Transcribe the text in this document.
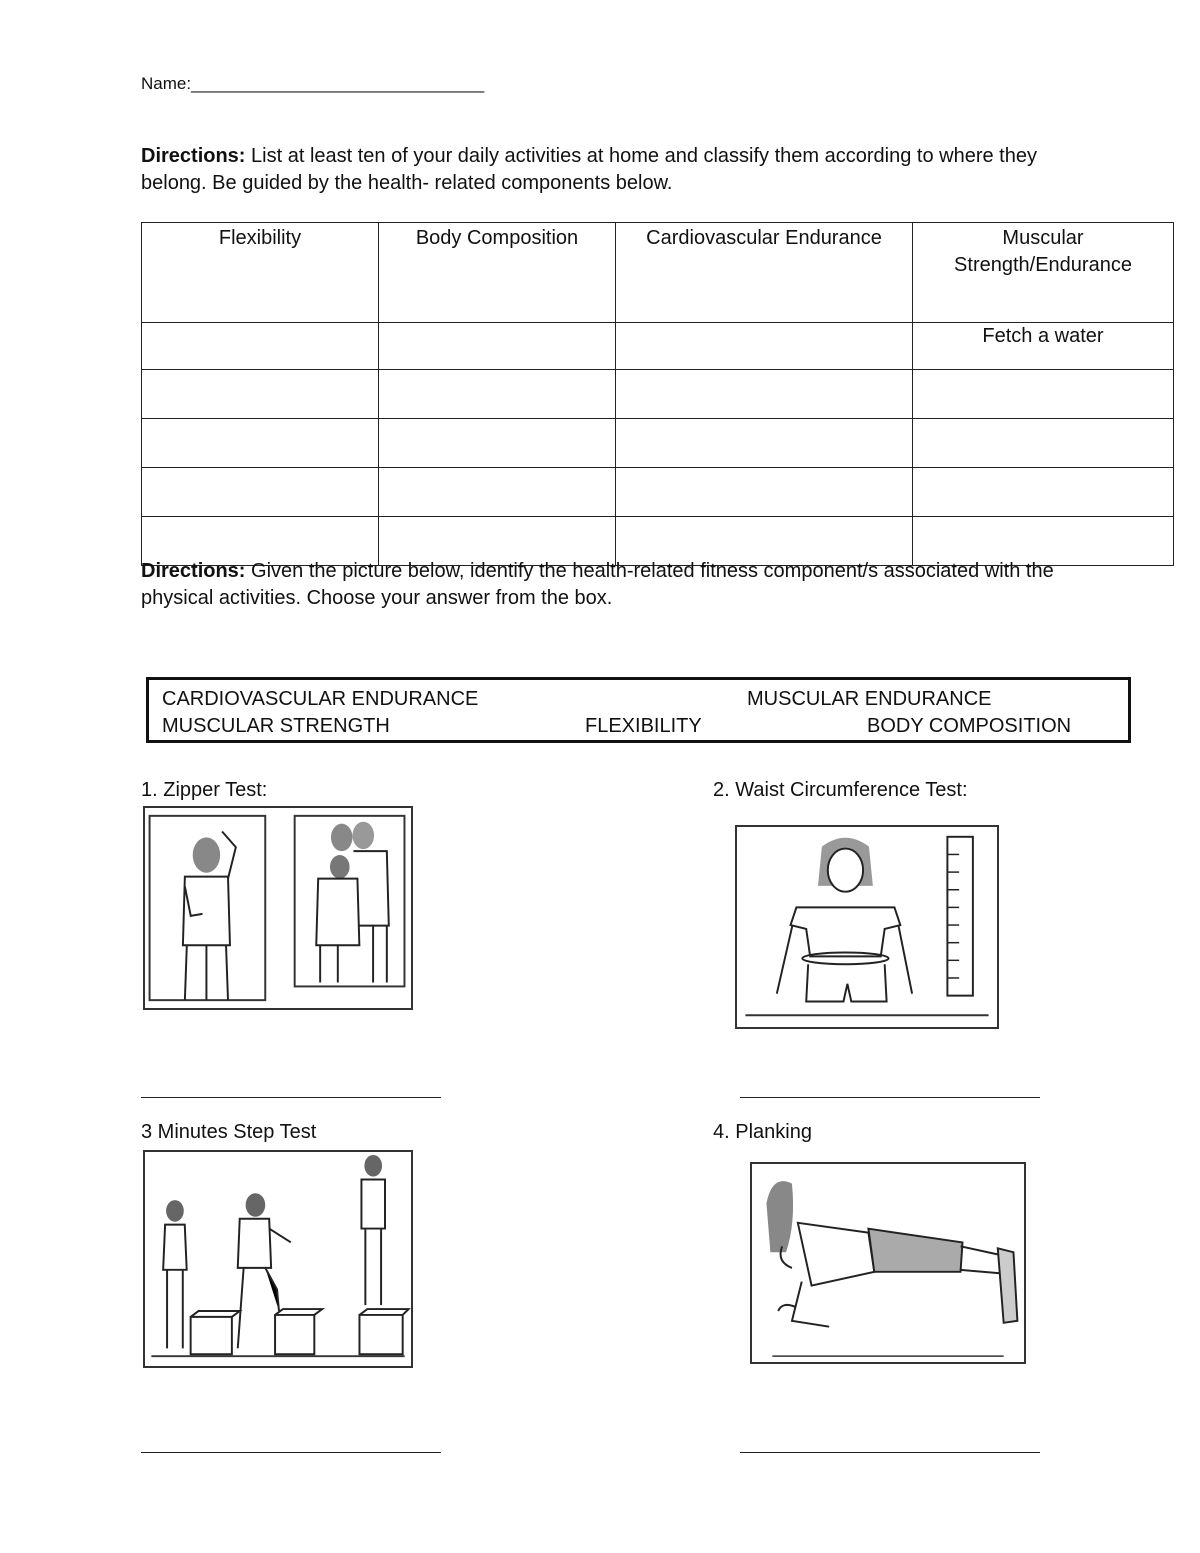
Name:_______________________________
Directions: List at least ten of your daily activities at home and classify them according to where they belong. Be guided by the health- related components below.
Flexibility	Body Composition	Cardiovascular Endurance	Muscular Strength/Endurance
			Fetch a water

Directions: Given the picture below, identify the health-related fitness component/s associated with the physical activities. Choose your answer from the box.
CARDIOVASCULAR ENDURANCE	MUSCULAR ENDURANCE
MUSCULAR STRENGTH	FLEXIBILITY	BODY COMPOSITION
1. Zipper Test:	2. Waist Circumference Test:
3 Minutes Step Test	4. Planking
